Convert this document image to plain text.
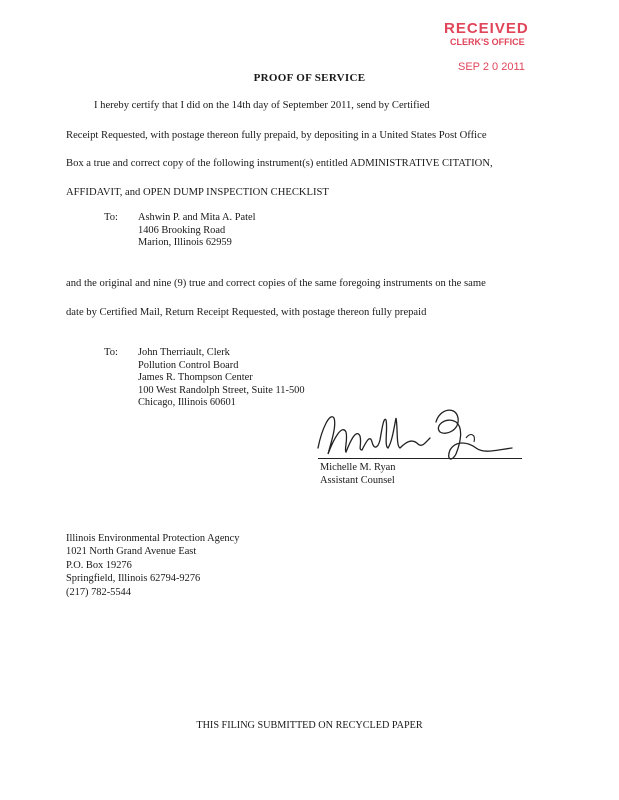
RECEIVED
CLERK'S OFFICE
SEP 2 0 2011
PROOF OF SERVICE
I hereby certify that I did on the 14th day of September 2011, send by Certified
Receipt Requested, with postage thereon fully prepaid, by depositing in a United States Post Office
Box a true and correct copy of the following instrument(s) entitled ADMINISTRATIVE CITATION,
AFFIDAVIT, and OPEN DUMP INSPECTION CHECKLIST
To: Ashwin P. and Mita A. Patel
1406 Brooking Road
Marion, Illinois 62959
and the original and nine (9) true and correct copies of the same foregoing instruments on the same
date by Certified Mail, Return Receipt Requested, with postage thereon fully prepaid
To: John Therriault, Clerk
Pollution Control Board
James R. Thompson Center
100 West Randolph Street, Suite 11-500
Chicago, Illinois 60601
Michelle M. Ryan
Assistant Counsel
Illinois Environmental Protection Agency
1021 North Grand Avenue East
P.O. Box 19276
Springfield, Illinois 62794-9276
(217) 782-5544
THIS FILING SUBMITTED ON RECYCLED PAPER
